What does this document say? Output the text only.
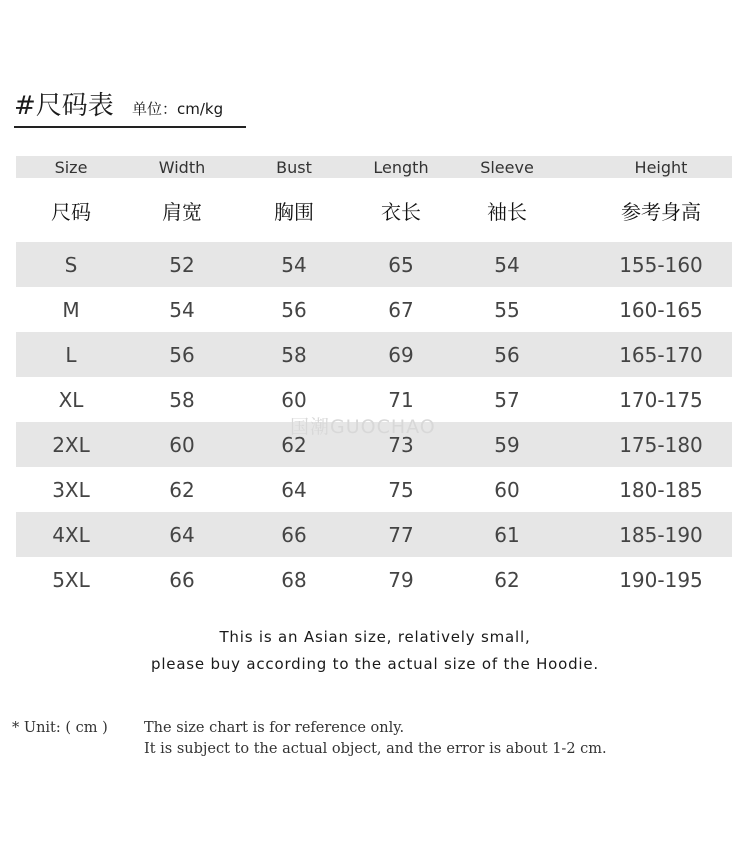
#尺码表 单位：cm/kg
Size	Width	Bust	Length	Sleeve	Height
尺码	肩宽	胸围	衣长	袖长	参考身高
S	52	54	65	54	155-160
M	54	56	67	55	160-165
L	56	58	69	56	165-170
XL	58	60	71	57	170-175
2XL	60	62	73	59	175-180
3XL	62	64	75	60	180-185
4XL	64	66	77	61	185-190
5XL	66	68	79	62	190-195
国潮GUOCHAO
This is an Asian size, relatively small,
please buy according to the actual size of the Hoodie.
* Unit: ( cm ) The size chart is for reference only.
It is subject to the actual object, and the error is about 1-2 cm.
